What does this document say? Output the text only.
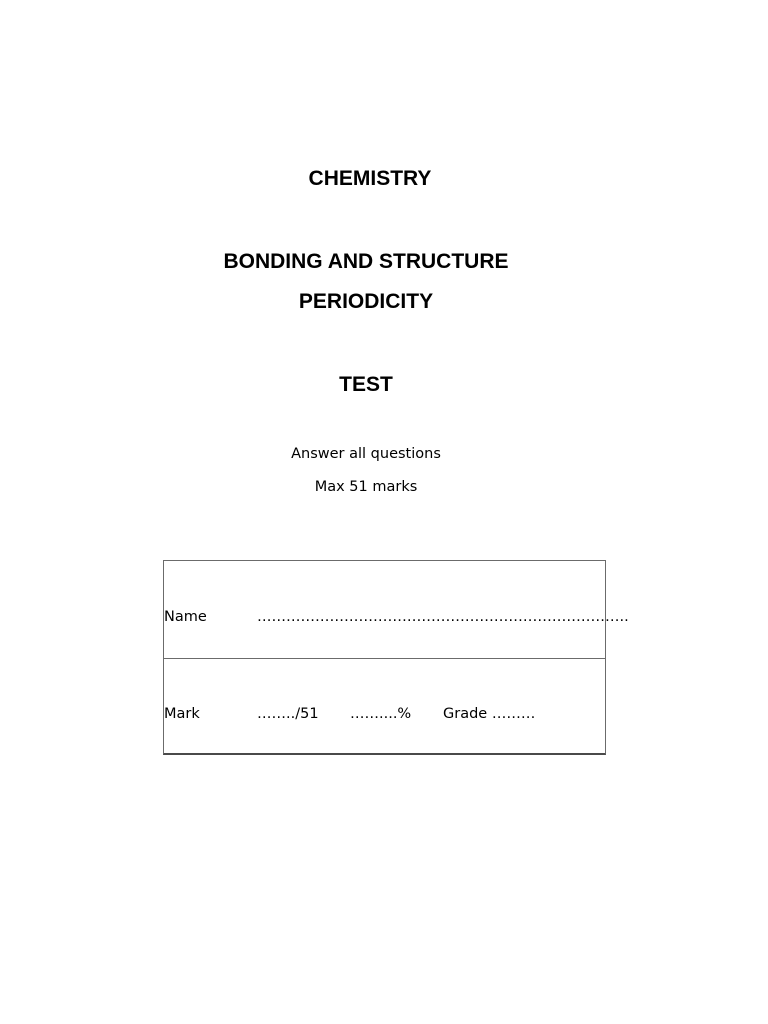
CHEMISTRY
BONDING AND STRUCTURE
PERIODICITY
TEST
Answer all questions
Max 51 marks
Name	…………………………………………………………………..
Mark	……../51 ……....% Grade ………
